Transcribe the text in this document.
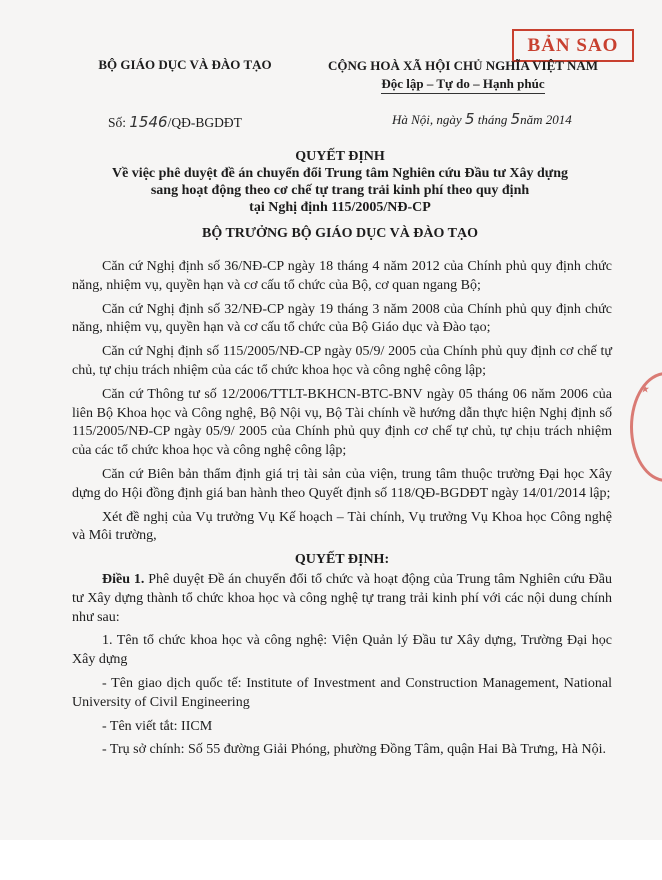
BẢN SAO
★

BỘ GIÁO DỤC VÀ ĐÀO TẠO	CỘNG HOÀ XÃ HỘI CHỦ NGHĨA VIỆT NAM
Độc lập – Tự do – Hạnh phúc
Số: 1546/QĐ-BGDĐT	Hà Nội, ngày 5 tháng 5năm 2014
QUYẾT ĐỊNH
Về việc phê duyệt đề án chuyển đổi Trung tâm Nghiên cứu Đầu tư Xây dựng
sang hoạt động theo cơ chế tự trang trải kinh phí theo quy định
tại Nghị định 115/2005/NĐ-CP
BỘ TRƯỞNG BỘ GIÁO DỤC VÀ ĐÀO TẠO

Căn cứ Nghị định số 36/NĐ-CP ngày 18 tháng 4 năm 2012 của Chính phủ quy định chức năng, nhiệm vụ, quyền hạn và cơ cấu tổ chức của Bộ, cơ quan ngang Bộ;

Căn cứ Nghị định số 32/NĐ-CP ngày 19 tháng 3 năm 2008 của Chính phủ quy định chức năng, nhiệm vụ, quyền hạn và cơ cấu tổ chức của Bộ Giáo dục và Đào tạo;

Căn cứ Nghị định số 115/2005/NĐ-CP ngày 05/9/ 2005 của Chính phủ quy định cơ chế tự chủ, tự chịu trách nhiệm của các tổ chức khoa học và công nghệ công lập;

Căn cứ Thông tư số 12/2006/TTLT-BKHCN-BTC-BNV ngày 05 tháng 06 năm 2006 của liên Bộ Khoa học và Công nghệ, Bộ Nội vụ, Bộ Tài chính về hướng dẫn thực hiện Nghị định số 115/2005/NĐ-CP ngày 05/9/ 2005 của Chính phủ quy định cơ chế tự chủ, tự chịu trách nhiệm của các tổ chức khoa học và công nghệ công lập;

Căn cứ Biên bản thẩm định giá trị tài sản của viện, trung tâm thuộc trường Đại học Xây dựng do Hội đồng định giá ban hành theo Quyết định số 118/QĐ-BGDĐT ngày 14/01/2014 lập;

Xét đề nghị của Vụ trưởng Vụ Kế hoạch – Tài chính, Vụ trưởng Vụ Khoa học Công nghệ và Môi trường,

QUYẾT ĐỊNH:

Điều 1. Phê duyệt Đề án chuyển đổi tổ chức và hoạt động của Trung tâm Nghiên cứu Đầu tư Xây dựng thành tổ chức khoa học và công nghệ tự trang trải kinh phí với các nội dung chính như sau:

1. Tên tổ chức khoa học và công nghệ: Viện Quản lý Đầu tư Xây dựng, Trường Đại học Xây dựng

- Tên giao dịch quốc tế: Institute of Investment and Construction Management, National University of Civil Engineering

- Tên viết tắt: IICM

- Trụ sở chính: Số 55 đường Giải Phóng, phường Đồng Tâm, quận Hai Bà Trưng, Hà Nội.
